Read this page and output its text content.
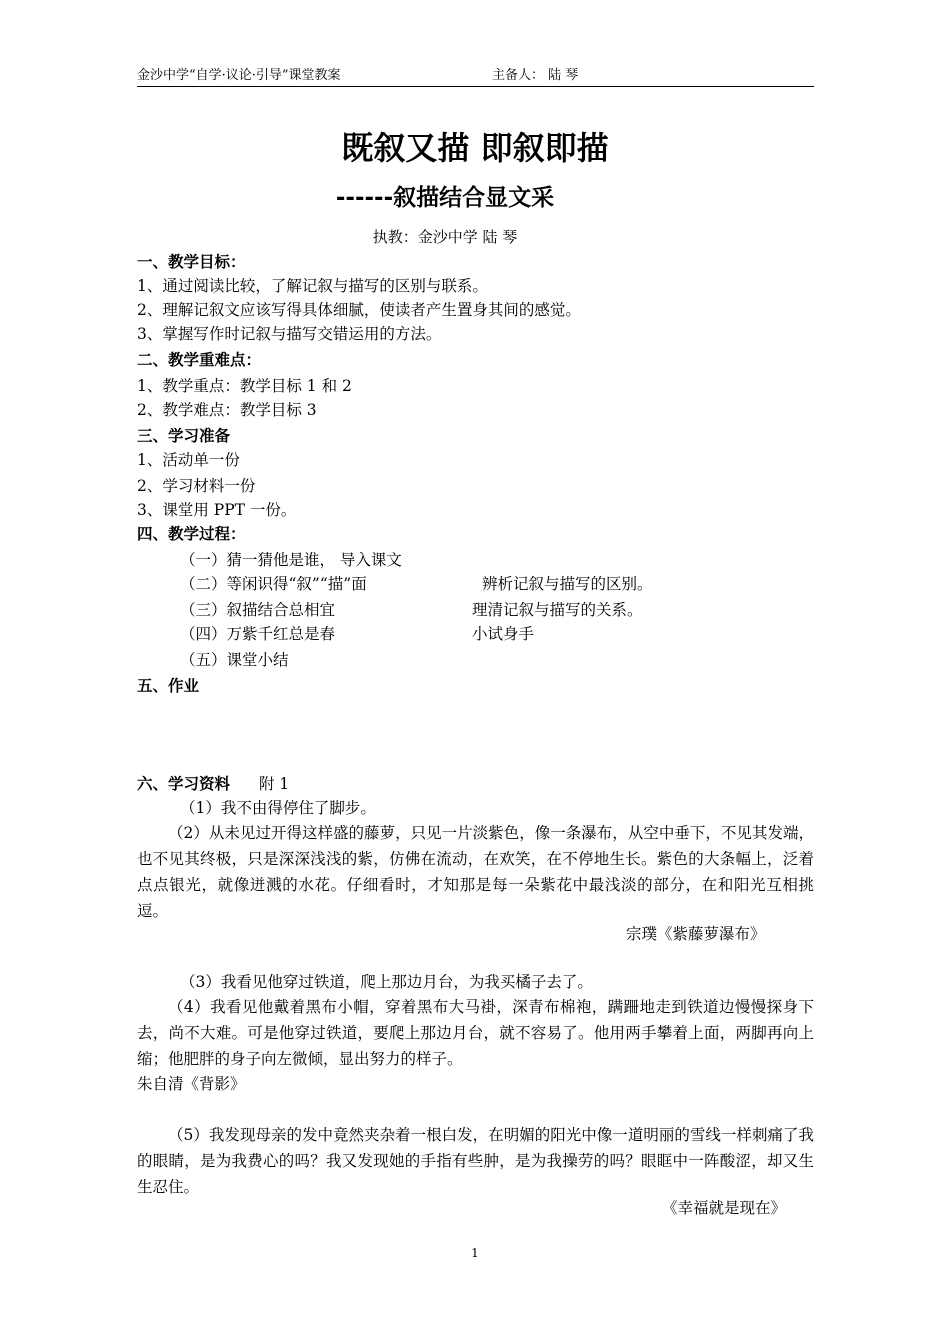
金沙中学“自学·议论·引导”课堂教案	主备人： 陆 琴
既叙又描 即叙即描
------叙描结合显文采
执教：金沙中学 陆 琴
一、教学目标：
1、通过阅读比较，了解记叙与描写的区别与联系。
2、理解记叙文应该写得具体细腻，使读者产生置身其间的感觉。
3、掌握写作时记叙与描写交错运用的方法。
二、教学重难点：
1、教学重点：教学目标 1 和 2
2、教学难点：教学目标 3
三、学习准备
1、活动单一份
2、学习材料一份
3、课堂用 PPT 一份。
四、教学过程：
（一）猜一猜他是谁， 导入课文
（二）等闲识得“叙”“描”面	辨析记叙与描写的区别。
（三）叙描结合总相宜	理清记叙与描写的关系。
（四）万紫千红总是春	小试身手
（五）课堂小结
五、作业
六、学习资料 附 1
（1）我不由得停住了脚步。
（2）从未见过开得这样盛的藤萝，只见一片淡紫色，像一条瀑布，从空中垂下，不见其发端，也不见其终极，只是深深浅浅的紫，仿佛在流动，在欢笑，在不停地生长。紫色的大条幅上，泛着点点银光，就像迸溅的水花。仔细看时，才知那是每一朵紫花中最浅淡的部分，在和阳光互相挑逗。
宗璞《紫藤萝瀑布》
（3）我看见他穿过铁道，爬上那边月台，为我买橘子去了。
（4）我看见他戴着黑布小帽，穿着黑布大马褂，深青布棉袍，蹒跚地走到铁道边慢慢探身下去，尚不大难。可是他穿过铁道，要爬上那边月台，就不容易了。他用两手攀着上面，两脚再向上缩；他肥胖的身子向左微倾，显出努力的样子。
朱自清《背影》
（5）我发现母亲的发中竟然夹杂着一根白发，在明媚的阳光中像一道明丽的雪线一样刺痛了我的眼睛，是为我费心的吗？我又发现她的手指有些肿，是为我操劳的吗？眼眶中一阵酸涩，却又生生忍住。
《幸福就是现在》
1
